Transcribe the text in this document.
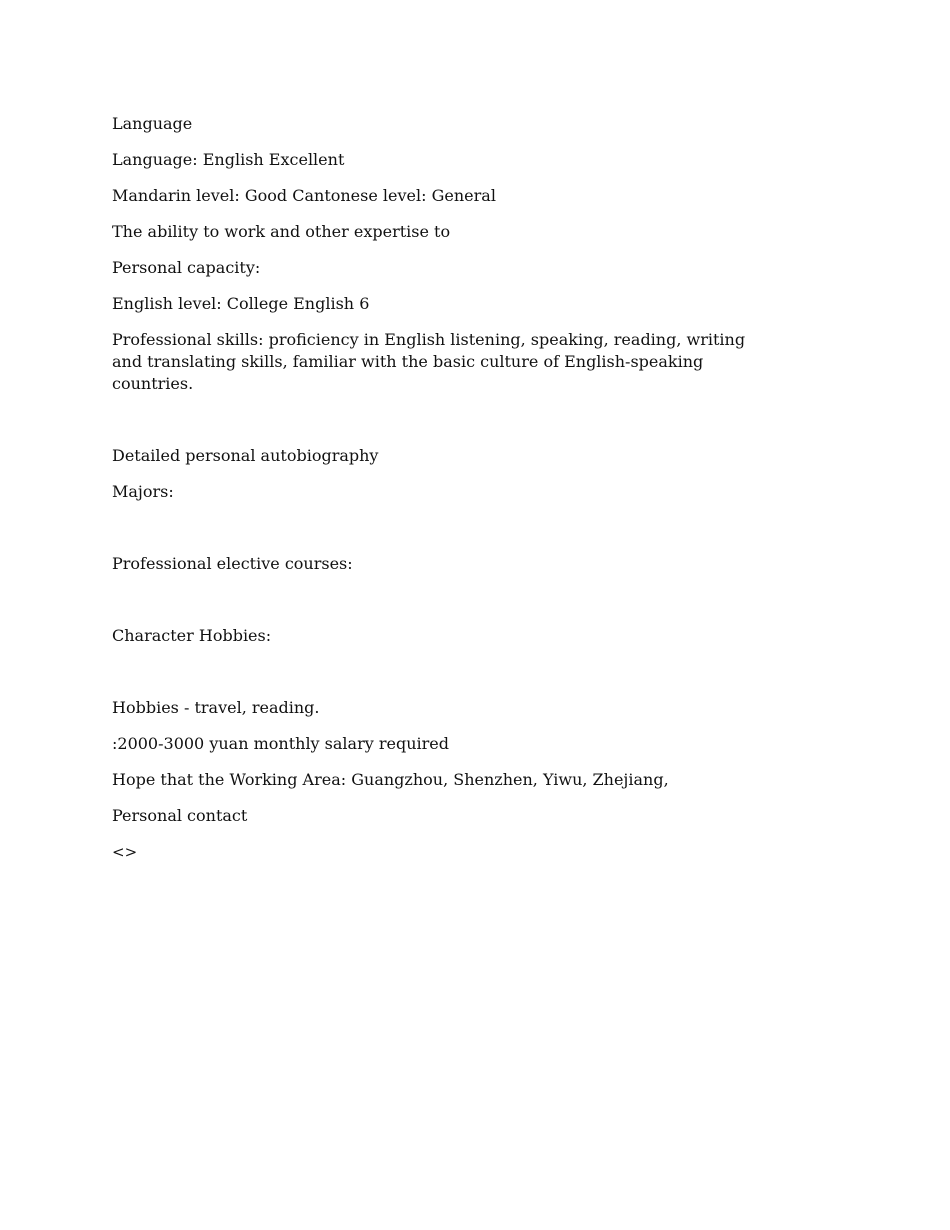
Language

Language: English Excellent

Mandarin level: Good Cantonese level: General

The ability to work and other expertise to

Personal capacity:

English level: College English 6

Professional skills: proficiency in English listening, speaking, reading, writing and translating skills, familiar with the basic culture of English-speaking countries.

Detailed personal autobiography

Majors:

Professional elective courses:

Character Hobbies:

Hobbies - travel, reading.

:2000-3000 yuan monthly salary required

Hope that the Working Area: Guangzhou, Shenzhen, Yiwu, Zhejiang,

Personal contact

<>
